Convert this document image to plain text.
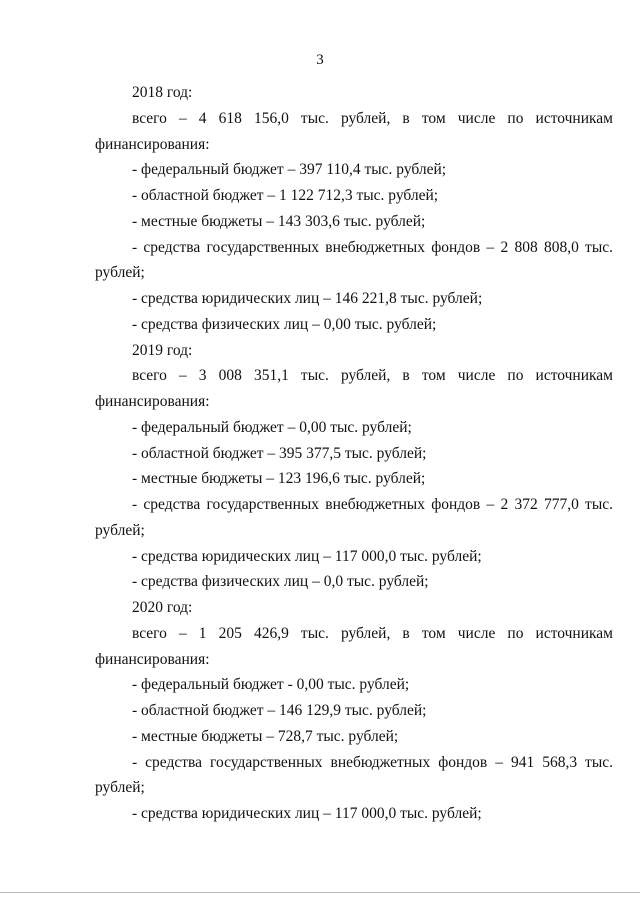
3
2018 год:
всего – 4 618 156,0 тыс. рублей, в том числе по источникам
финансирования:
- федеральный бюджет – 397 110,4 тыс. рублей;
- областной бюджет – 1 122 712,3 тыс. рублей;
- местные бюджеты – 143 303,6 тыс. рублей;
- средства государственных внебюджетных фондов – 2 808 808,0 тыс.
рублей;
- средства юридических лиц – 146 221,8 тыс. рублей;
- средства физических лиц – 0,00 тыс. рублей;
2019 год:
всего – 3 008 351,1 тыс. рублей, в том числе по источникам
финансирования:
- федеральный бюджет – 0,00 тыс. рублей;
- областной бюджет – 395 377,5 тыс. рублей;
- местные бюджеты – 123 196,6 тыс. рублей;
- средства государственных внебюджетных фондов – 2 372 777,0 тыс.
рублей;
- средства юридических лиц – 117 000,0 тыс. рублей;
- средства физических лиц – 0,0 тыс. рублей;
2020 год:
всего – 1 205 426,9 тыс. рублей, в том числе по источникам
финансирования:
- федеральный бюджет - 0,00 тыс. рублей;
- областной бюджет – 146 129,9 тыс. рублей;
- местные бюджеты – 728,7 тыс. рублей;
- средства государственных внебюджетных фондов – 941 568,3 тыс.
рублей;
- средства юридических лиц – 117 000,0 тыс. рублей;
